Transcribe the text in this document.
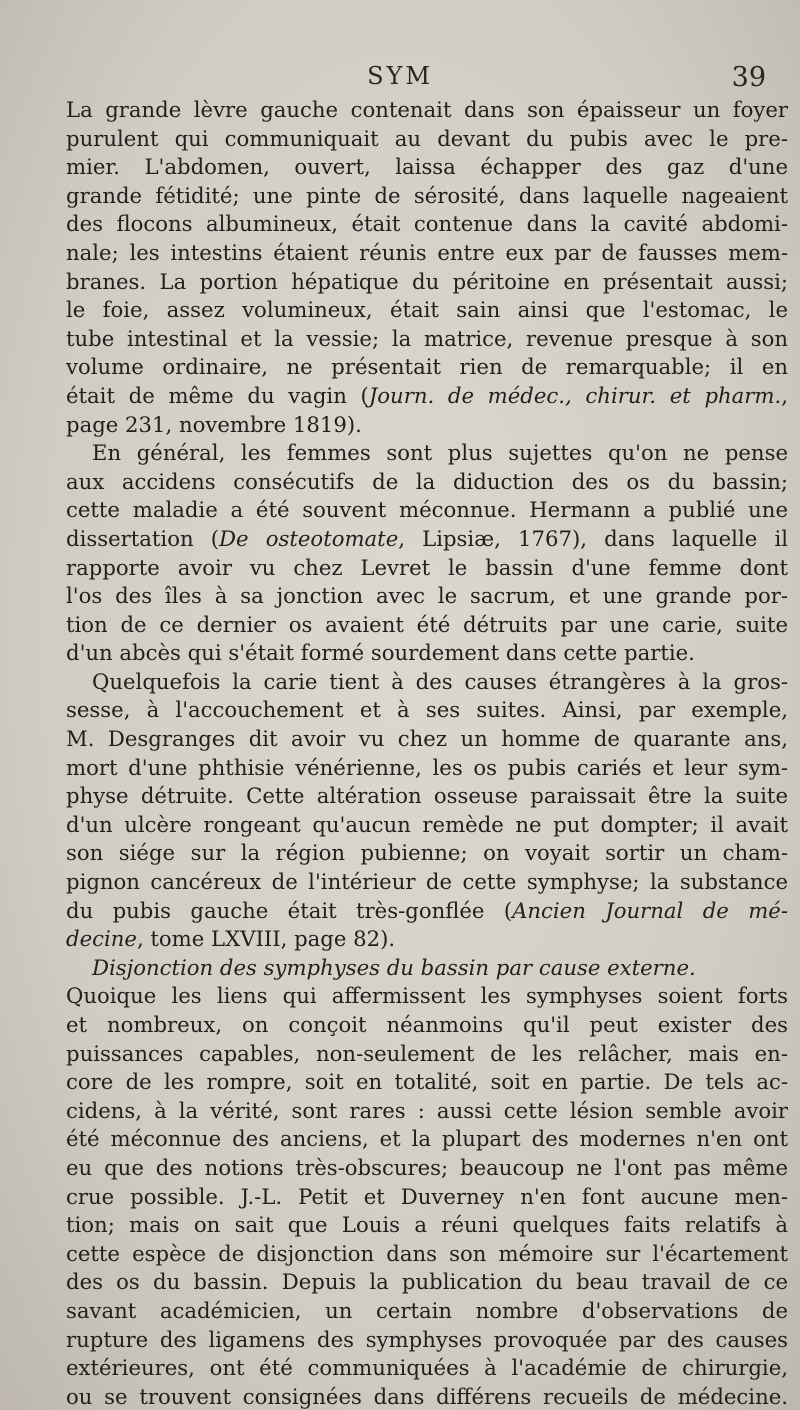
SYM	39
La grande lèvre gauche contenait dans son épaisseur un foyer
purulent qui communiquait au devant du pubis avec le pre-
mier. L'abdomen, ouvert, laissa échapper des gaz d'une
grande fétidité; une pinte de sérosité, dans laquelle nageaient
des flocons albumineux, était contenue dans la cavité abdomi-
nale; les intestins étaient réunis entre eux par de fausses mem-
branes. La portion hépatique du péritoine en présentait aussi;
le foie, assez volumineux, était sain ainsi que l'estomac, le
tube intestinal et la vessie; la matrice, revenue presque à son
volume ordinaire, ne présentait rien de remarquable; il en
était de même du vagin (Journ. de médec., chirur. et pharm.,
page 231, novembre 1819).
En général, les femmes sont plus sujettes qu'on ne pense
aux accidens consécutifs de la diduction des os du bassin;
cette maladie a été souvent méconnue. Hermann a publié une
dissertation (De osteotomate, Lipsiæ, 1767), dans laquelle il
rapporte avoir vu chez Levret le bassin d'une femme dont
l'os des îles à sa jonction avec le sacrum, et une grande por-
tion de ce dernier os avaient été détruits par une carie, suite
d'un abcès qui s'était formé sourdement dans cette partie.
Quelquefois la carie tient à des causes étrangères à la gros-
sesse, à l'accouchement et à ses suites. Ainsi, par exemple,
M. Desgranges dit avoir vu chez un homme de quarante ans,
mort d'une phthisie vénérienne, les os pubis cariés et leur sym-
physe détruite. Cette altération osseuse paraissait être la suite
d'un ulcère rongeant qu'aucun remède ne put dompter; il avait
son siége sur la région pubienne; on voyait sortir un cham-
pignon cancéreux de l'intérieur de cette symphyse; la substance
du pubis gauche était très-gonflée (Ancien Journal de mé-
decine, tome LXVIII, page 82).
Disjonction des symphyses du bassin par cause externe.
Quoique les liens qui affermissent les symphyses soient forts
et nombreux, on conçoit néanmoins qu'il peut exister des
puissances capables, non-seulement de les relâcher, mais en-
core de les rompre, soit en totalité, soit en partie. De tels ac-
cidens, à la vérité, sont rares : aussi cette lésion semble avoir
été méconnue des anciens, et la plupart des modernes n'en ont
eu que des notions très-obscures; beaucoup ne l'ont pas même
crue possible. J.-L. Petit et Duverney n'en font aucune men-
tion; mais on sait que Louis a réuni quelques faits relatifs à
cette espèce de disjonction dans son mémoire sur l'écartement
des os du bassin. Depuis la publication du beau travail de ce
savant académicien, un certain nombre d'observations de
rupture des ligamens des symphyses provoquée par des causes
extérieures, ont été communiquées à l'académie de chirurgie,
ou se trouvent consignées dans différens recueils de médecine.
